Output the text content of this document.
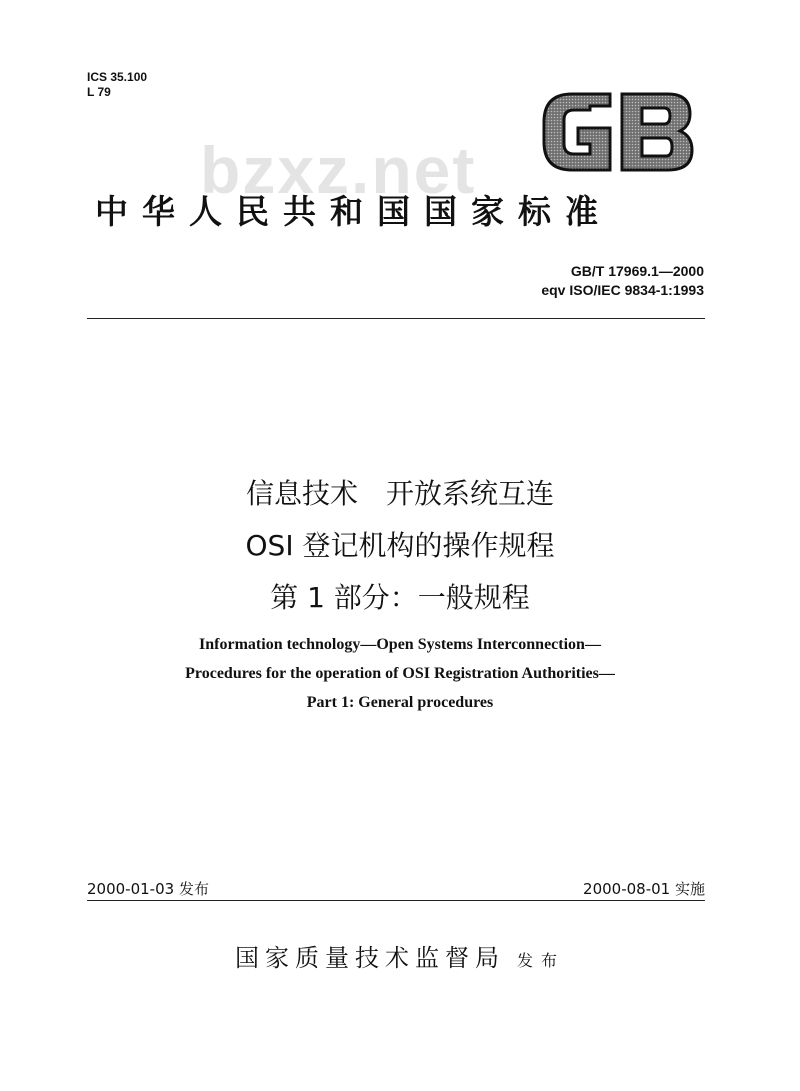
ICS 35.100
L 79
bzxz.net
中华人民共和国国家标准
GB/T 17969.1—2000
eqv ISO/IEC 9834-1:1993
信息技术　开放系统互连
OSI 登记机构的操作规程
第 1 部分：一般规程
Information technology—Open Systems Interconnection—
Procedures for the operation of OSI Registration Authorities—
Part 1: General procedures
2000-01-03 发布	2000-08-01 实施
国家质量技术监督局 发布
